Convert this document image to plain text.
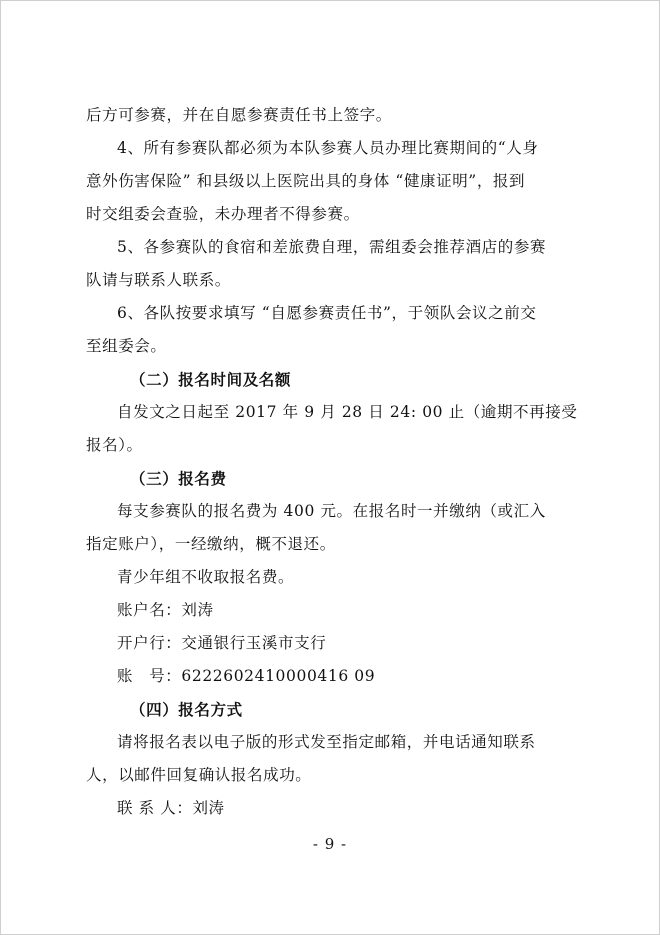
后方可参赛，并在自愿参赛责任书上签字。
4、所有参赛队都必须为本队参赛人员办理比赛期间的“人身
意外伤害保险” 和县级以上医院出具的身体 “健康证明”，报到
时交组委会查验，未办理者不得参赛。
5、各参赛队的食宿和差旅费自理，需组委会推荐酒店的参赛
队请与联系人联系。
6、各队按要求填写 “自愿参赛责任书”，于领队会议之前交
至组委会。
（二）报名时间及名额
自发文之日起至 2017 年 9 月 28 日 24: 00 止（逾期不再接受
报名）。
（三）报名费
每支参赛队的报名费为 400 元。在报名时一并缴纳（或汇入
指定账户），一经缴纳，概不退还。
青少年组不收取报名费。
账户名：刘涛
开户行：交通银行玉溪市支行
账　号：6222602410000416 09
（四）报名方式
请将报名表以电子版的形式发至指定邮箱，并电话通知联系
人，以邮件回复确认报名成功。
联 系 人：刘涛
- 9 -
